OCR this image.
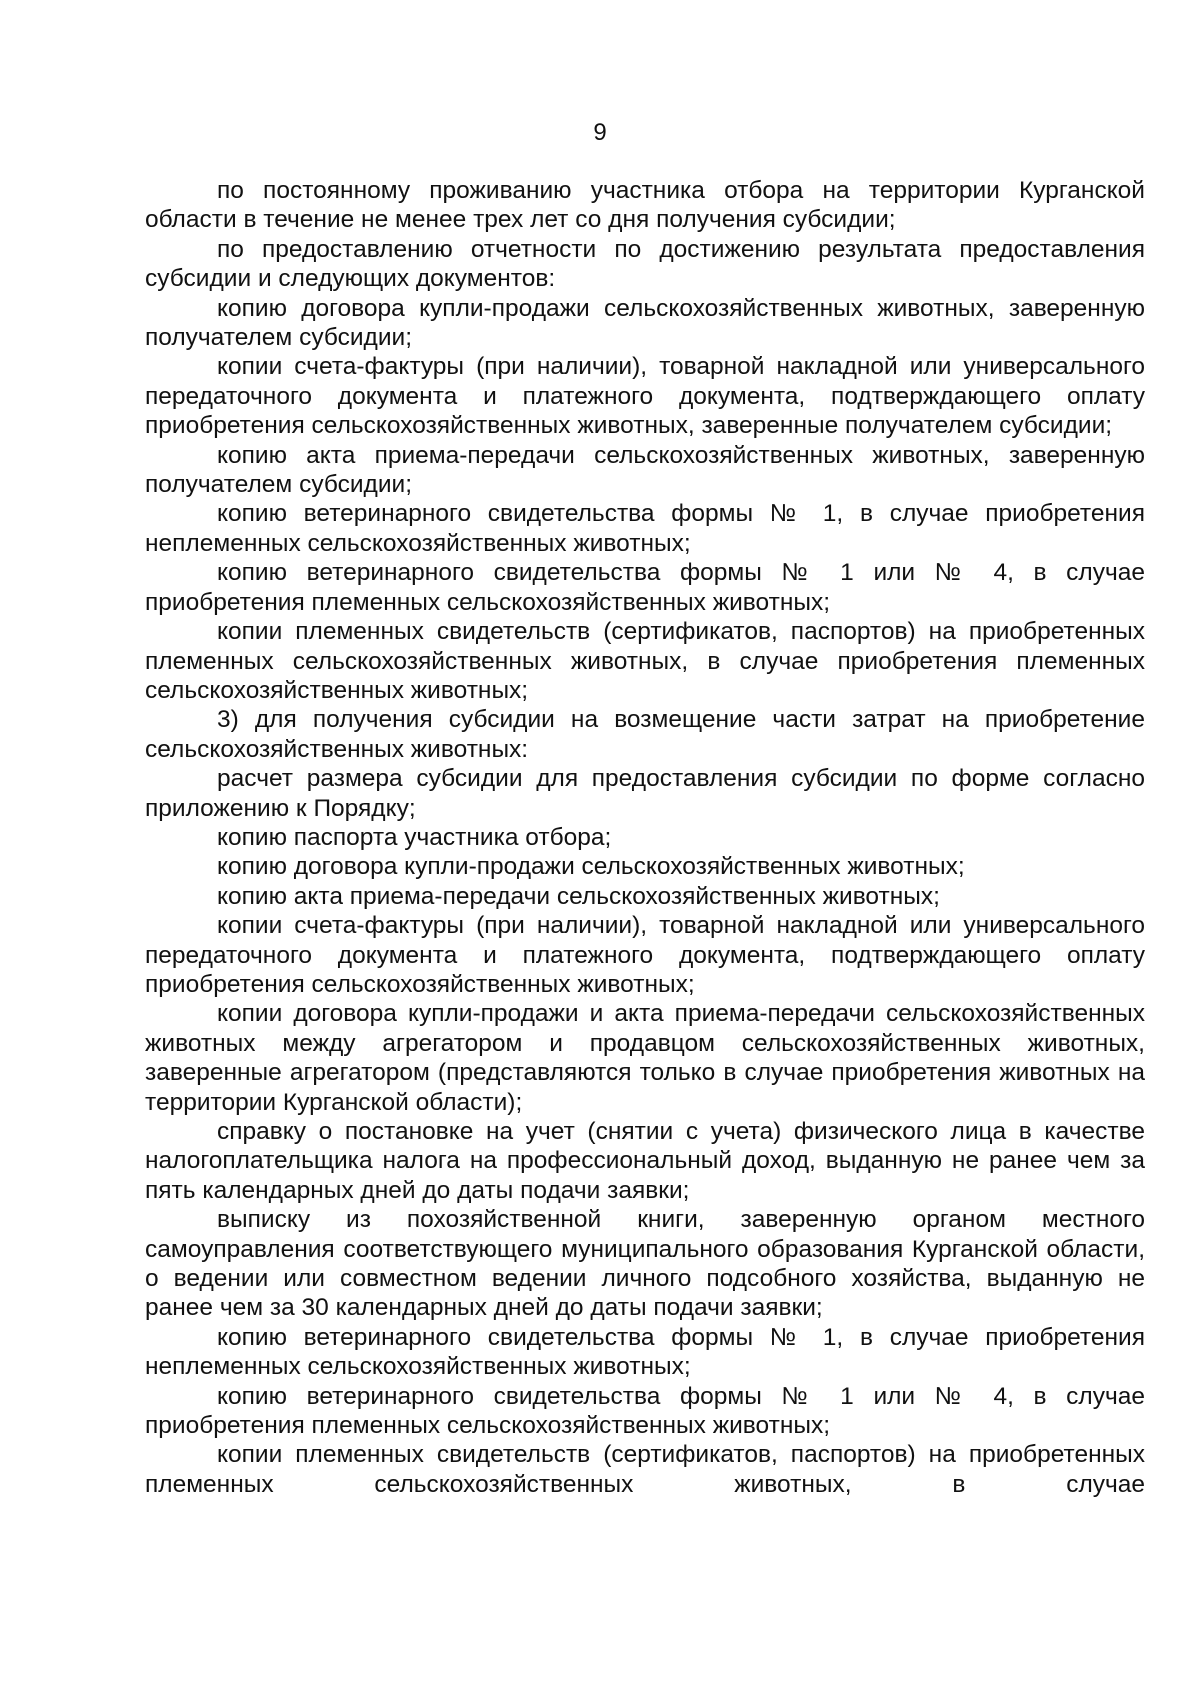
9

по постоянному проживанию участника отбора на территории Курганской области в течение не менее трех лет со дня получения субсидии;

по предоставлению отчетности по достижению результата предоставления субсидии и следующих документов:

копию договора купли-продажи сельскохозяйственных животных, заверенную получателем субсидии;

копии счета-фактуры (при наличии), товарной накладной или универсального передаточного документа и платежного документа, подтверждающего оплату приобретения сельскохозяйственных животных, заверенные получателем субсидии;

копию акта приема-передачи сельскохозяйственных животных, заверенную получателем субсидии;

копию ветеринарного свидетельства формы № 1, в случае приобретения неплеменных сельскохозяйственных животных;

копию ветеринарного свидетельства формы № 1 или № 4, в случае приобретения племенных сельскохозяйственных животных;

копии племенных свидетельств (сертификатов, паспортов) на приобретенных племенных сельскохозяйственных животных, в случае приобретения племенных сельскохозяйственных животных;

3) для получения субсидии на возмещение части затрат на приобретение сельскохозяйственных животных:

расчет размера субсидии для предоставления субсидии по форме согласно приложению к Порядку;

копию паспорта участника отбора;

копию договора купли-продажи сельскохозяйственных животных;

копию акта приема-передачи сельскохозяйственных животных;

копии счета-фактуры (при наличии), товарной накладной или универсального передаточного документа и платежного документа, подтверждающего оплату приобретения сельскохозяйственных животных;

копии договора купли-продажи и акта приема-передачи сельскохозяйственных животных между агрегатором и продавцом сельскохозяйственных животных, заверенные агрегатором (представляются только в случае приобретения животных на территории Курганской области);

справку о постановке на учет (снятии с учета) физического лица в качестве налогоплательщика налога на профессиональный доход, выданную не ранее чем за пять календарных дней до даты подачи заявки;

выписку из похозяйственной книги, заверенную органом местного самоуправления соответствующего муниципального образования Курганской области, о ведении или совместном ведении личного подсобного хозяйства, выданную не ранее чем за 30 календарных дней до даты подачи заявки;

копию ветеринарного свидетельства формы № 1, в случае приобретения неплеменных сельскохозяйственных животных;

копию ветеринарного свидетельства формы № 1 или № 4, в случае приобретения племенных сельскохозяйственных животных;

копии племенных свидетельств (сертификатов, паспортов) на приобретенных племенных сельскохозяйственных животных, в случае
